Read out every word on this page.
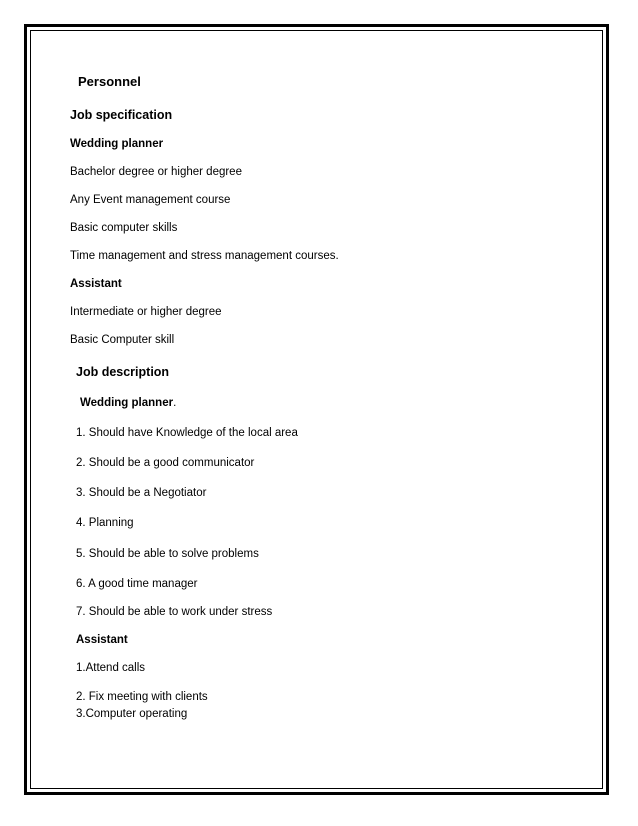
Personnel
Job specification
Wedding planner
Bachelor degree or higher degree
Any Event management course
Basic computer skills
Time management and stress management courses.
Assistant
Intermediate or higher degree
Basic Computer skill
Job description
Wedding planner.
1. Should have Knowledge of the local area
2. Should be a good communicator
3. Should be a Negotiator
4. Planning
5. Should be able to solve problems
6. A good time manager
7. Should be able to work under stress
Assistant
1.Attend calls
2. Fix meeting with clients
3.Computer operating
